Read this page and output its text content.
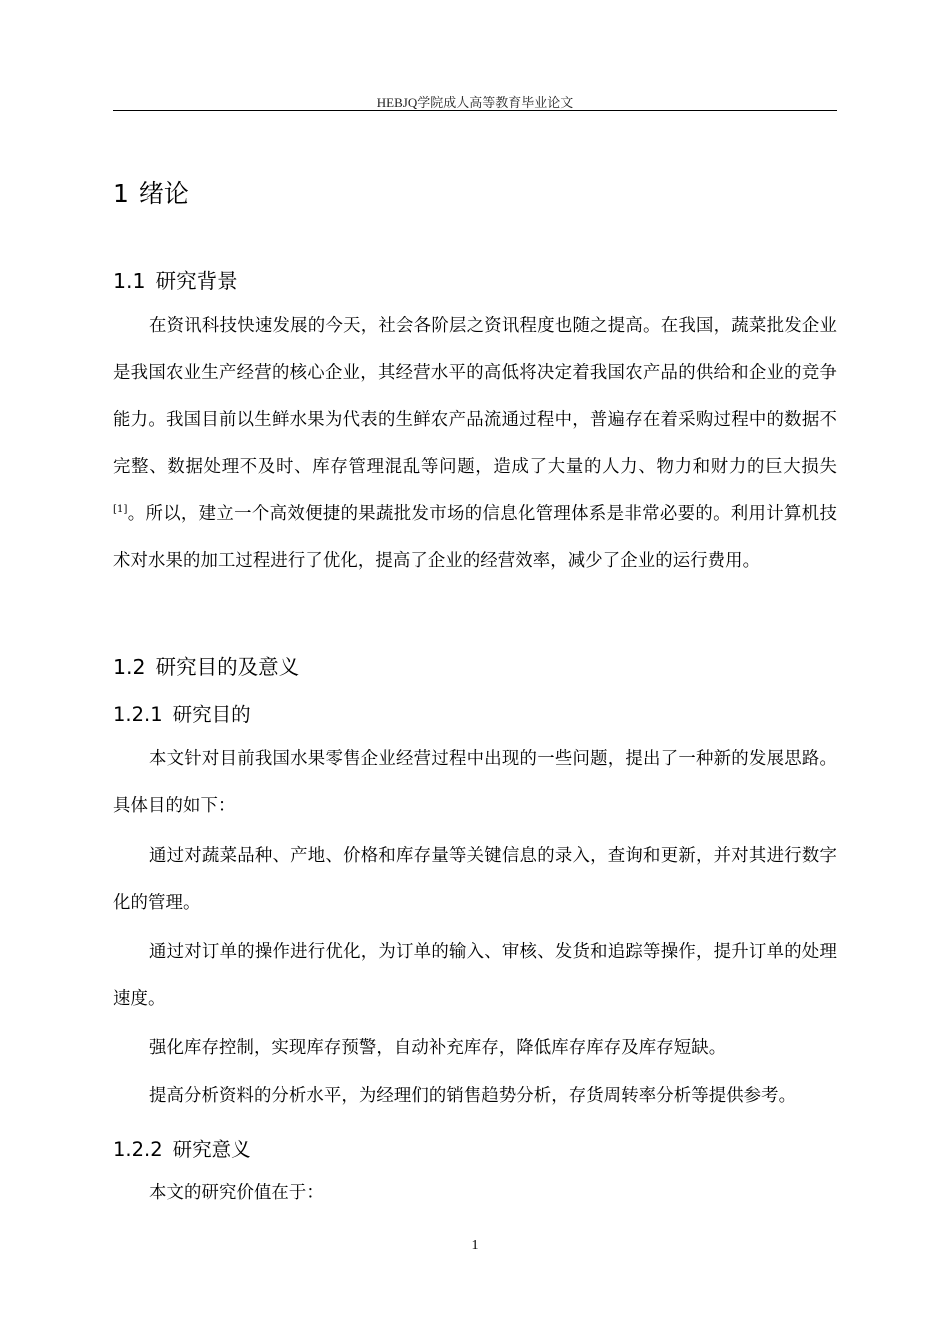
HEBJQ学院成人高等教育毕业论文
1 绪论
1.1 研究背景

在资讯科技快速发展的今天，社会各阶层之资讯程度也随之提高。在我国，蔬菜批发企业是我国农业生产经营的核心企业，其经营水平的高低将决定着我国农产品的供给和企业的竞争能力。我国目前以生鲜水果为代表的生鲜农产品流通过程中，普遍存在着采购过程中的数据不完整、数据处理不及时、库存管理混乱等问题，造成了大量的人力、物力和财力的巨大损失[1]。所以，建立一个高效便捷的果蔬批发市场的信息化管理体系是非常必要的。利用计算机技术对水果的加工过程进行了优化，提高了企业的经营效率，减少了企业的运行费用。

1.2 研究目的及意义
1.2.1 研究目的

本文针对目前我国水果零售企业经营过程中出现的一些问题，提出了一种新的发展思路。具体目的如下：

通过对蔬菜品种、产地、价格和库存量等关键信息的录入，查询和更新，并对其进行数字化的管理。

通过对订单的操作进行优化，为订单的输入、审核、发货和追踪等操作，提升订单的处理速度。

强化库存控制，实现库存预警，自动补充库存，降低库存库存及库存短缺。

提高分析资料的分析水平，为经理们的销售趋势分析，存货周转率分析等提供参考。

1.2.2 研究意义

本文的研究价值在于：

1
